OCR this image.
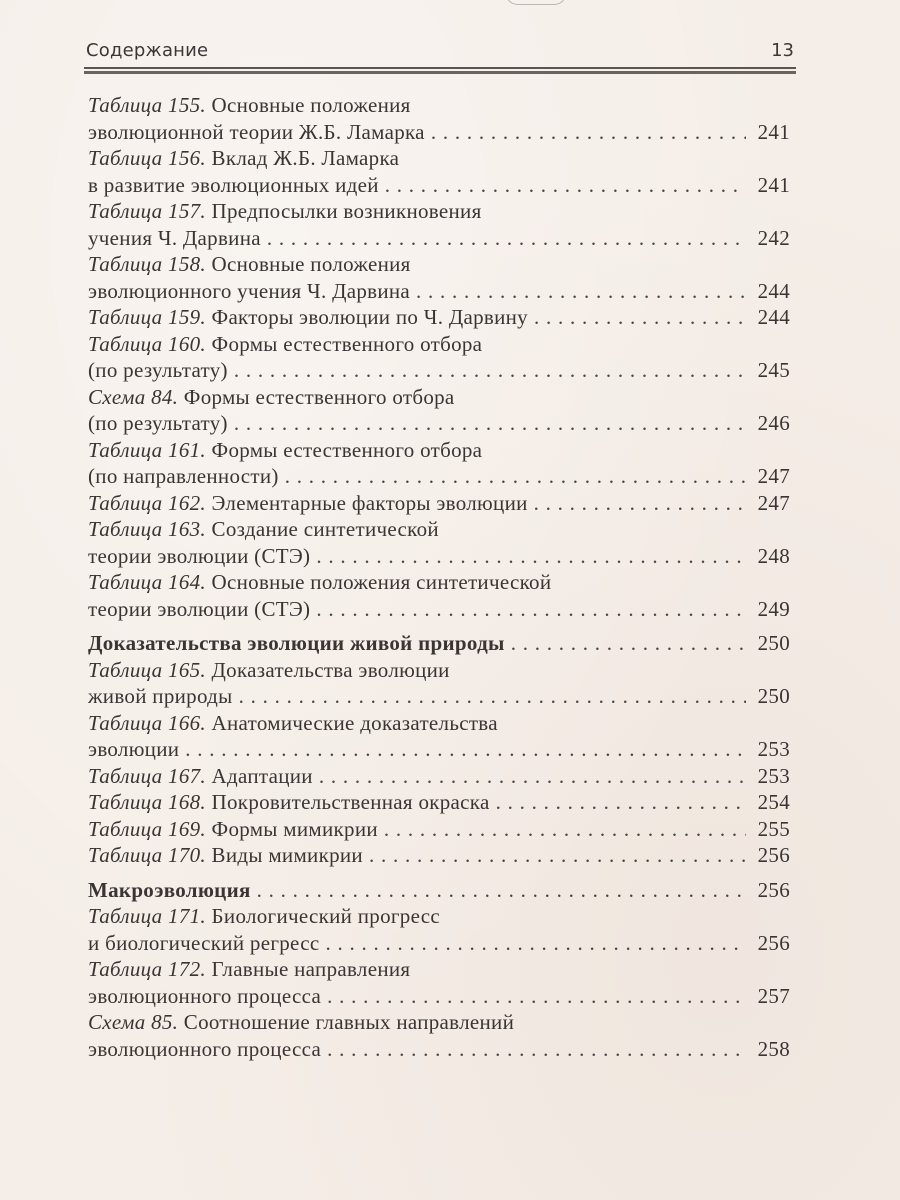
Содержание	13
Таблица 155. Основные положения
эволюционной теории Ж.Б. Ламарка . . .	241
Таблица 156. Вклад Ж.Б. Ламарка
в развитие эволюционных идей . . .	241
Таблица 157. Предпосылки возникновения
учения Ч. Дарвина . . .	242
Таблица 158. Основные положения
эволюционного учения Ч. Дарвина . . .	244
Таблица 159. Факторы эволюции по Ч. Дарвину . . .	244
Таблица 160. Формы естественного отбора
(по результату) . . .	245
Схема 84. Формы естественного отбора
(по результату) . . .	246
Таблица 161. Формы естественного отбора
(по направленности) . . .	247
Таблица 162. Элементарные факторы эволюции . . .	247
Таблица 163. Создание синтетической
теории эволюции (СТЭ) . . .	248
Таблица 164. Основные положения синтетической
теории эволюции (СТЭ) . . .	249
Доказательства эволюции живой природы . . .	250
Таблица 165. Доказательства эволюции
живой природы . . .	250
Таблица 166. Анатомические доказательства
эволюции . . .	253
Таблица 167. Адаптации . . .	253
Таблица 168. Покровительственная окраска . . .	254
Таблица 169. Формы мимикрии . . .	255
Таблица 170. Виды мимикрии . . .	256
Макроэволюция . . .	256
Таблица 171. Биологический прогресс
и биологический регресс . . .	256
Таблица 172. Главные направления
эволюционного процесса . . .	257
Схема 85. Соотношение главных направлений
эволюционного процесса . . .	258
